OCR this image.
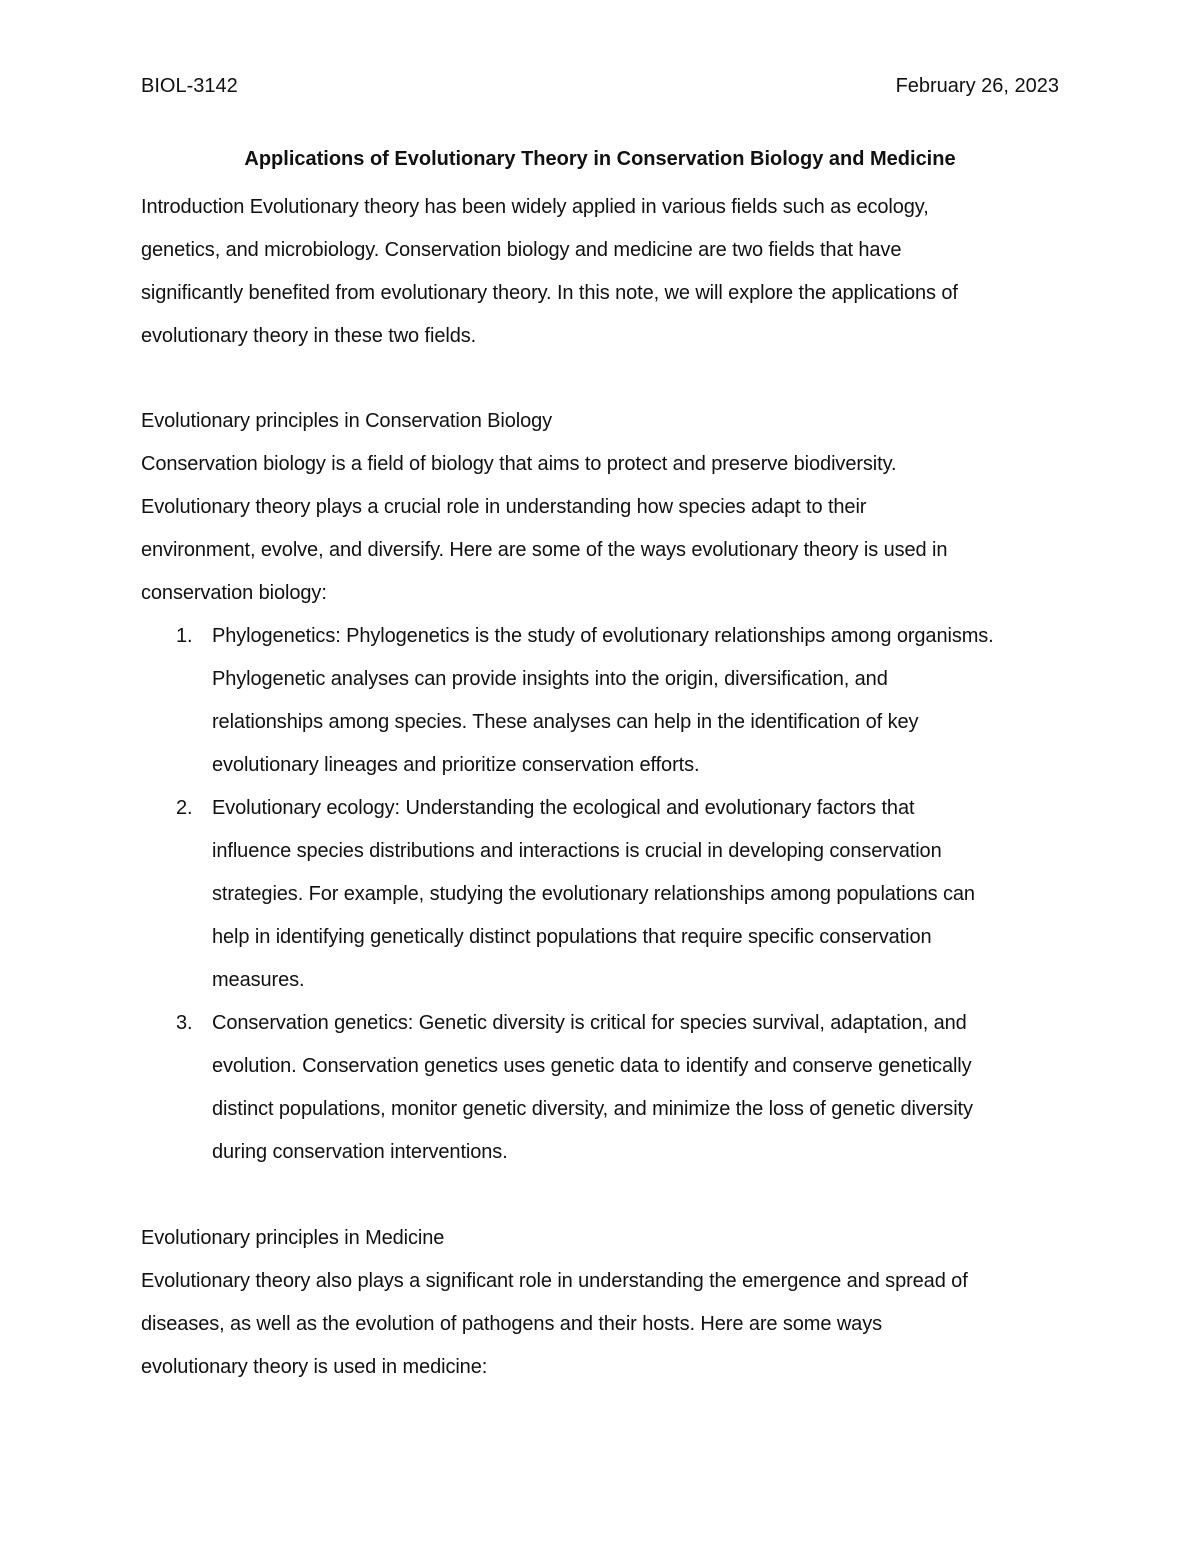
BIOL-3142	February 26, 2023
Applications of Evolutionary Theory in Conservation Biology and Medicine
Introduction Evolutionary theory has been widely applied in various fields such as ecology,
genetics, and microbiology. Conservation biology and medicine are two fields that have
significantly benefited from evolutionary theory. In this note, we will explore the applications of
evolutionary theory in these two fields.
Evolutionary principles in Conservation Biology
Conservation biology is a field of biology that aims to protect and preserve biodiversity.
Evolutionary theory plays a crucial role in understanding how species adapt to their
environment, evolve, and diversify. Here are some of the ways evolutionary theory is used in
conservation biology:
1. Phylogenetics: Phylogenetics is the study of evolutionary relationships among organisms.
Phylogenetic analyses can provide insights into the origin, diversification, and
relationships among species. These analyses can help in the identification of key
evolutionary lineages and prioritize conservation efforts.
2. Evolutionary ecology: Understanding the ecological and evolutionary factors that
influence species distributions and interactions is crucial in developing conservation
strategies. For example, studying the evolutionary relationships among populations can
help in identifying genetically distinct populations that require specific conservation
measures.
3. Conservation genetics: Genetic diversity is critical for species survival, adaptation, and
evolution. Conservation genetics uses genetic data to identify and conserve genetically
distinct populations, monitor genetic diversity, and minimize the loss of genetic diversity
during conservation interventions.
Evolutionary principles in Medicine
Evolutionary theory also plays a significant role in understanding the emergence and spread of
diseases, as well as the evolution of pathogens and their hosts. Here are some ways
evolutionary theory is used in medicine:
